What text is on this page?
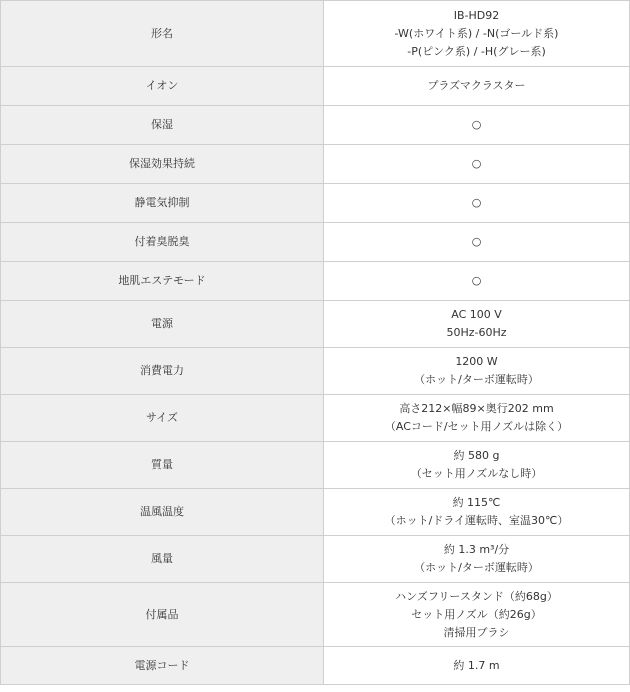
形名	IB-HD92
-W(ホワイト系) / -N(ゴールド系)
-P(ピンク系) / -H(グレー系)

イオン	プラズマクラスター

保湿	○

保湿効果持続	○

静電気抑制	○

付着臭脱臭	○

地肌エステモード	○

電源	AC 100 V
50Hz-60Hz

消費電力	1200 W
（ホット/ターボ運転時）

サイズ	高さ212×幅89×奥行202 mm
（ACコード/セット用ノズルは除く）

質量	約 580 g
（セット用ノズルなし時）

温風温度	約 115℃
（ホット/ドライ運転時、室温30℃）

風量	約 1.3 m³/分
（ホット/ターボ運転時）

付属品	ハンズフリースタンド（約68g）
セット用ノズル（約26g）
清掃用ブラシ

電源コード	約 1.7 m
